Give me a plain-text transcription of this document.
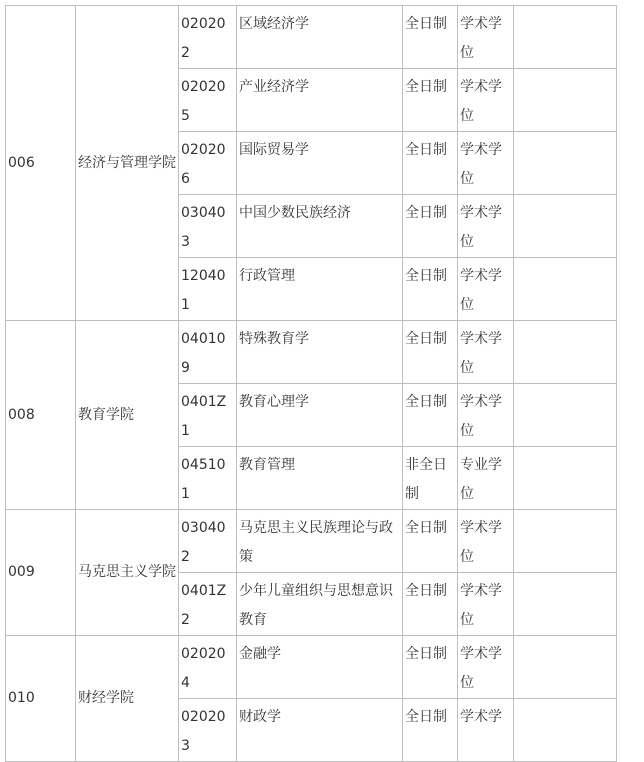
006	经济与管理学院	020202	区域经济学	全日制	学术学位	
		020205	产业经济学	全日制	学术学位	
		020206	国际贸易学	全日制	学术学位	
		030403	中国少数民族经济	全日制	学术学位	
		120401	行政管理	全日制	学术学位	
008	教育学院	040109	特殊教育学	全日制	学术学位	
		0401Z1	教育心理学	全日制	学术学位	
		045101	教育管理	非全日制	专业学位	
009	马克思主义学院	030402	马克思主义民族理论与政策	全日制	学术学位	
		0401Z2	少年儿童组织与思想意识教育	全日制	学术学位	
010	财经学院	020204	金融学	全日制	学术学位	
		020203	财政学	全日制	学术学	
